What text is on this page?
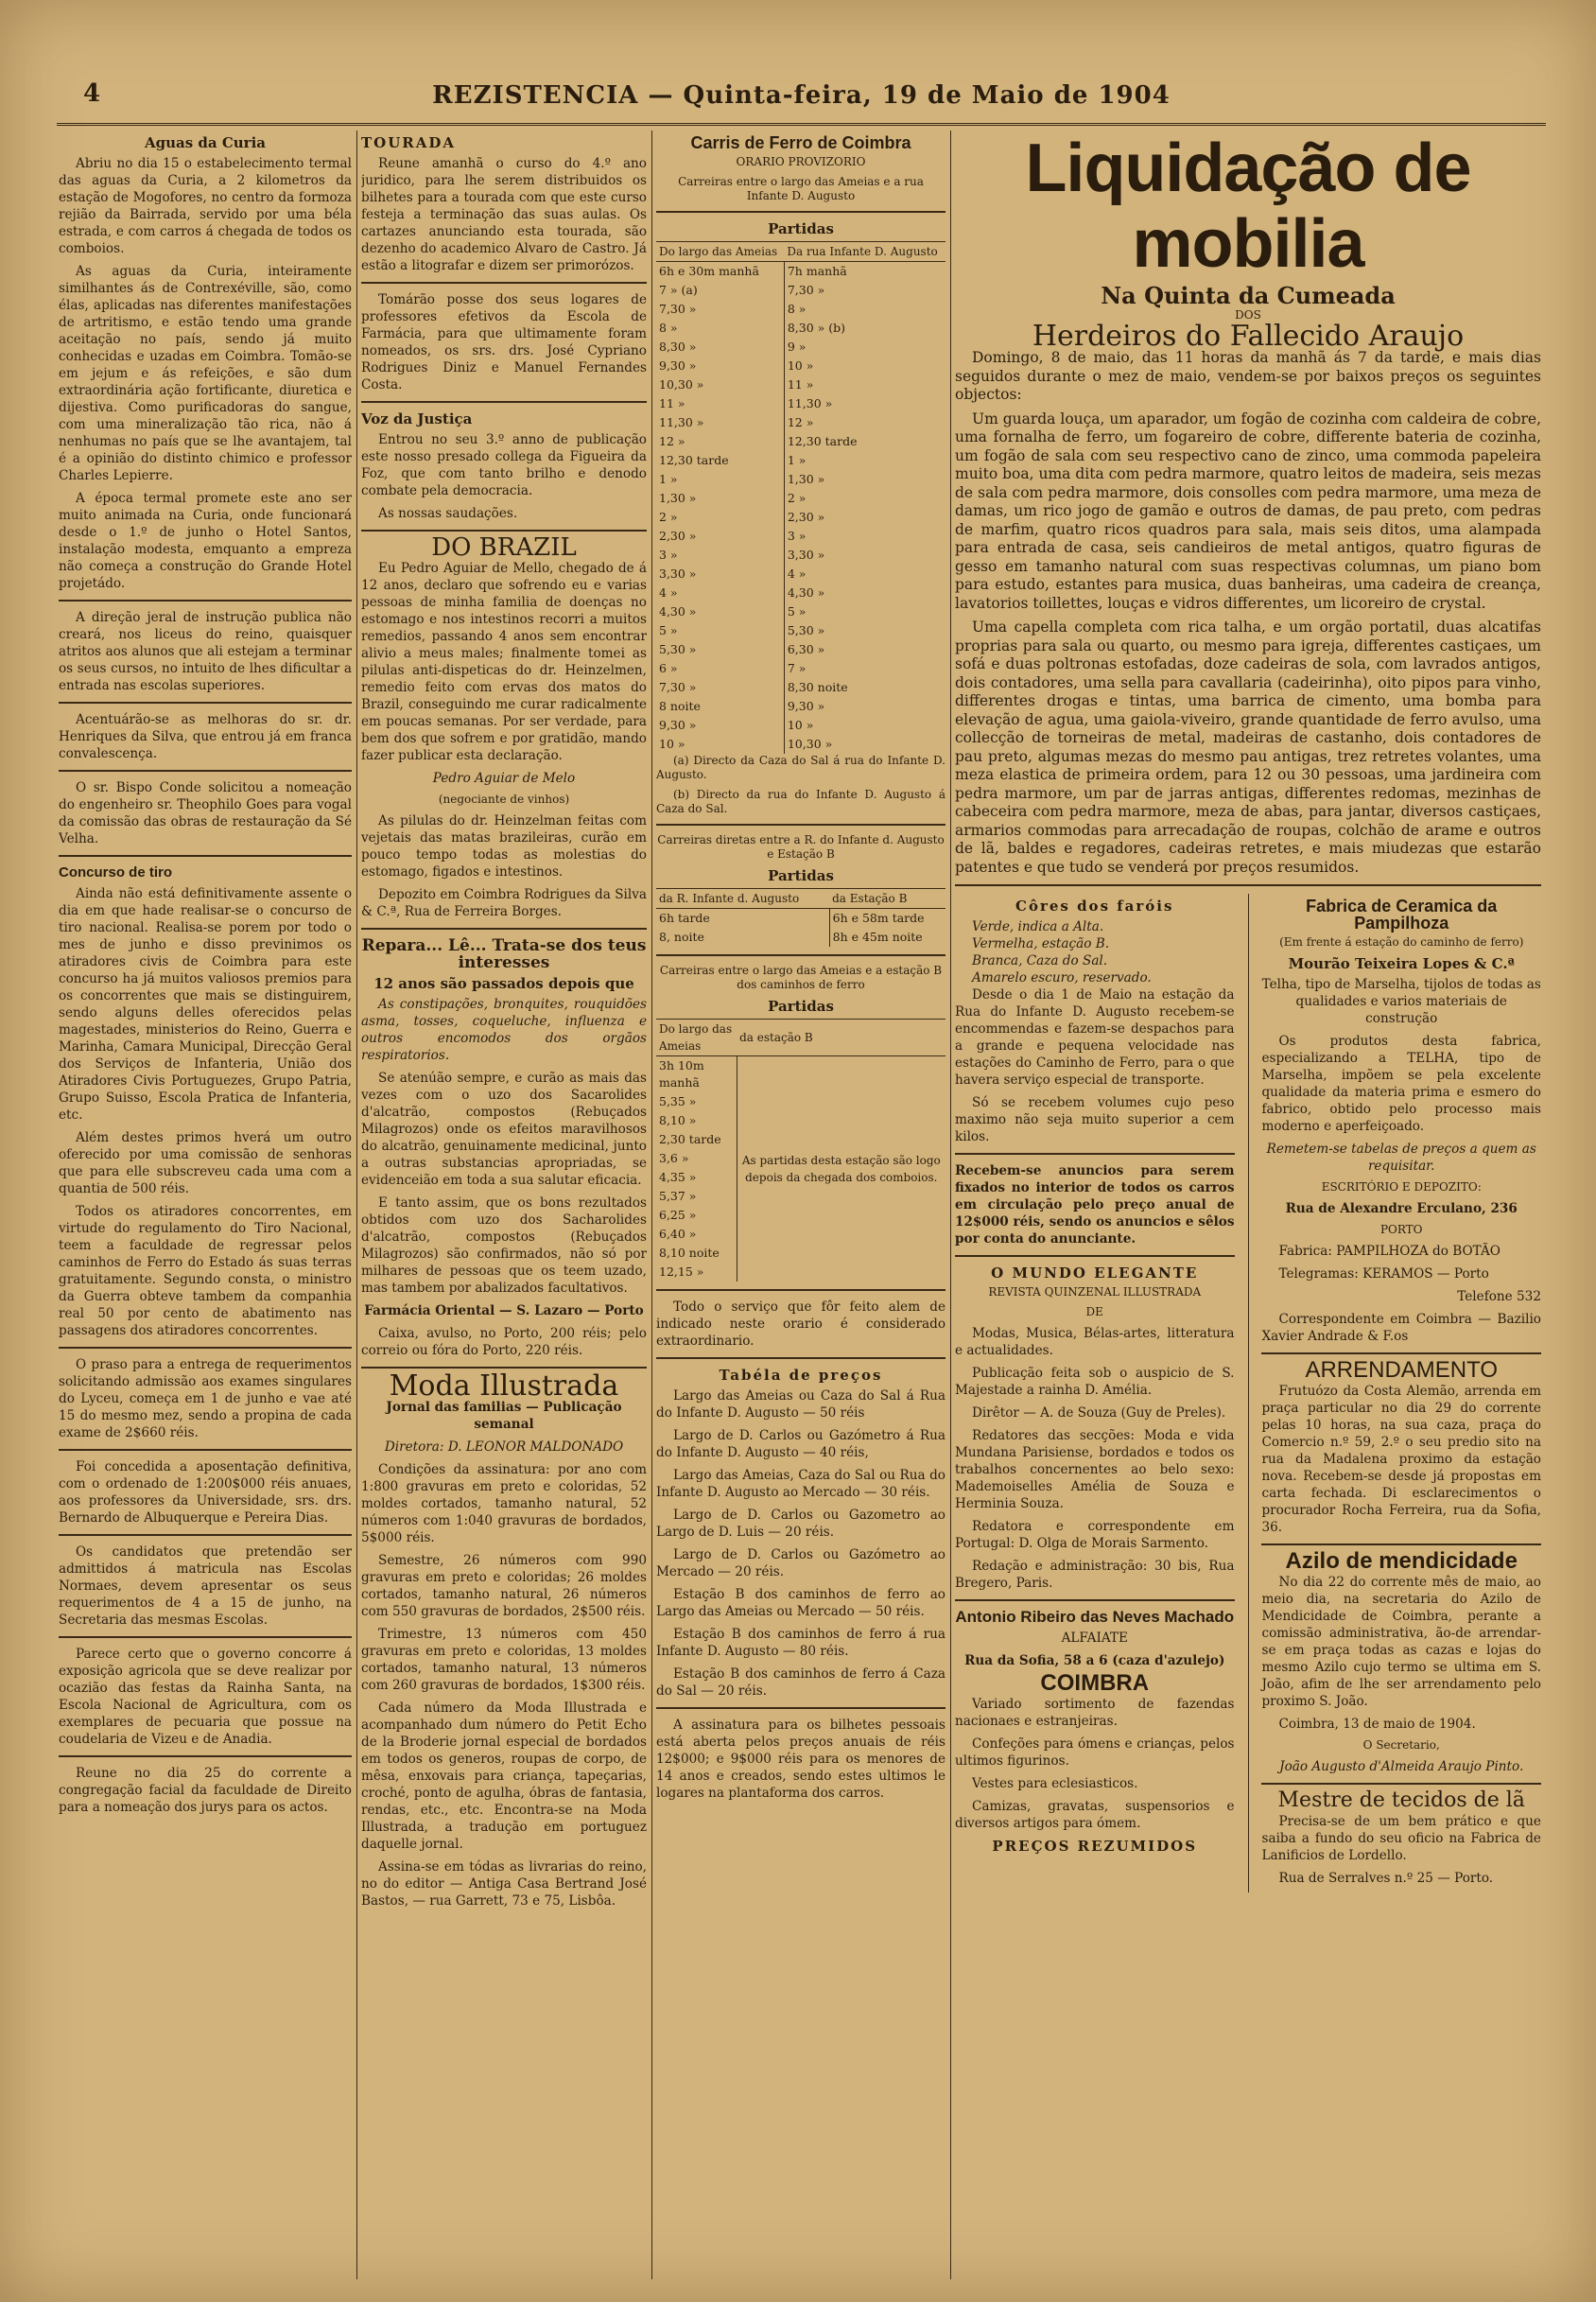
4	REZISTENCIA — Quinta-feira, 19 de Maio de 1904
Aguas da Curia

Abriu no dia 15 o estabelecimento termal das aguas da Curia, a 2 kilometros da estação de Mogofores, no centro da formoza rejião da Bairrada, servido por uma béla estrada, e com carros á chegada de todos os comboios.

As aguas da Curia, inteiramente similhantes ás de Contrexéville, são, como élas, aplicadas nas diferentes manifestações de artritismo, e estão tendo uma grande aceitação no país, sendo já muito conhecidas e uzadas em Coimbra. Tomão-se em jejum e ás refeições, e são dum extraordinária ação fortificante, diuretica e dijestiva. Como purificadoras do sangue, com uma mineralização tão rica, não á nenhumas no país que se lhe avantajem, tal é a opinião do distinto chimico e professor Charles Lepierre.

A época termal promete este ano ser muito animada na Curia, onde funcionará desde o 1.º de junho o Hotel Santos, instalação modesta, emquanto a empreza não começa a construção do Grande Hotel projetádo.

A direção jeral de instrução publica não creará, nos liceus do reino, quaisquer atritos aos alunos que ali estejam a terminar os seus cursos, no intuito de lhes dificultar a entrada nas escolas superiores.

Acentuárão-se as melhoras do sr. dr. Henriques da Silva, que entrou já em franca convalescença.

O sr. Bispo Conde solicitou a nomeação do engenheiro sr. Theophilo Goes para vogal da comissão das obras de restauração da Sé Velha.

Concurso de tiro

Ainda não está definitivamente assente o dia em que hade realisar-se o concurso de tiro nacional. Realisa-se porem por todo o mes de junho e disso previnimos os atiradores civis de Coimbra para este concurso ha já muitos valiosos premios para os concorrentes que mais se distinguirem, sendo alguns delles oferecidos pelas magestades, ministerios do Reino, Guerra e Marinha, Camara Municipal, Direcção Geral dos Serviços de Infanteria, União dos Atiradores Civis Portuguezes, Grupo Patria, Grupo Suisso, Escola Pratica de Infanteria, etc.

Além destes primos hverá um outro oferecido por uma comissão de senhoras que para elle subscreveu cada uma com a quantia de 500 réis.

Todos os atiradores concorrentes, em virtude do regulamento do Tiro Nacional, teem a faculdade de regressar pelos caminhos de Ferro do Estado ás suas terras gratuitamente. Segundo consta, o ministro da Guerra obteve tambem da companhia real 50 por cento de abatimento nas passagens dos atiradores concorrentes.

O praso para a entrega de requerimentos solicitando admissão aos exames singulares do Lyceu, começa em 1 de junho e vae até 15 do mesmo mez, sendo a propina de cada exame de 2$660 réis.

Foi concedida a aposentação definitiva, com o ordenado de 1:200$000 réis anuaes, aos professores da Universidade, srs. drs. Bernardo de Albuquerque e Pereira Dias.

Os candidatos que pretendão ser admittidos á matricula nas Escolas Normaes, devem apresentar os seus requerimentos de 4 a 15 de junho, na Secretaria das mesmas Escolas.

Parece certo que o governo concorre á exposição agricola que se deve realizar por ocazião das festas da Rainha Santa, na Escola Nacional de Agricultura, com os exemplares de pecuaria que possue na coudelaria de Vizeu e de Anadia.

Reune no dia 25 do corrente a congregação facial da faculdade de Direito para a nomeação dos jurys para os actos.

TOURADA

Reune amanhã o curso do 4.º ano juridico, para lhe serem distribuidos os bilhetes para a tourada com que este curso festeja a terminação das suas aulas. Os cartazes anunciando esta tourada, são dezenho do academico Alvaro de Castro. Já estão a litografar e dizem ser primorózos.

Tomárão posse dos seus logares de professores efetivos da Escola de Farmácia, para que ultimamente foram nomeados, os srs. drs. José Cypriano Rodrigues Diniz e Manuel Fernandes Costa.

Voz da Justiça

Entrou no seu 3.º anno de publicação este nosso presado collega da Figueira da Foz, que com tanto brilho e denodo combate pela democracia.

As nossas saudações.

DO BRAZIL

Eu Pedro Aguiar de Mello, chegado de á 12 anos, declaro que sofrendo eu e varias pessoas de minha familia de doenças no estomago e nos intestinos recorri a muitos remedios, passando 4 anos sem encontrar alivio a meus males; finalmente tomei as pilulas anti-dispeticas do dr. Heinzelmen, remedio feito com ervas dos matos do Brazil, conseguindo me curar radicalmente em poucas semanas. Por ser verdade, para bem dos que sofrem e por gratidão, mando fazer publicar esta declaração.

Pedro Aguiar de Melo

(negociante de vinhos)

As pilulas do dr. Heinzelman feitas com vejetais das matas brazileiras, curão em pouco tempo todas as molestias do estomago, figados e intestinos.

Depozito em Coimbra Rodrigues da Silva & C.ª, Rua de Ferreira Borges.

Repara... Lê... Trata-se dos teus interesses
12 anos são passados depois que

As constipações, bronquites, rouquidões asma, tosses, coqueluche, influenza e outros encomodos dos orgãos respiratorios.

Se atenúão sempre, e curão as mais das vezes com o uzo dos Sacarolides d'alcatrão, compostos (Rebuçados Milagrozos) onde os efeitos maravilhosos do alcatrão, genuinamente medicinal, junto a outras substancias apropriadas, se evidenceião em toda a sua salutar eficacia.

E tanto assim, que os bons rezultados obtidos com uzo dos Sacharolides d'alcatrão, compostos (Rebuçados Milagrozos) são confirmados, não só por milhares de pessoas que os teem uzado, mas tambem por abalizados facultativos.

Farmácia Oriental — S. Lazaro — Porto

Caixa, avulso, no Porto, 200 réis; pelo correio ou fóra do Porto, 220 réis.

Moda Illustrada

Jornal das familias — Publicação semanal

Diretora: D. LEONOR MALDONADO

Condições da assinatura: por ano com 1:800 gravuras em preto e coloridas, 52 moldes cortados, tamanho natural, 52 números com 1:040 gravuras de bordados, 5$000 réis.

Semestre, 26 números com 990 gravuras em preto e coloridas; 26 moldes cortados, tamanho natural, 26 números com 550 gravuras de bordados, 2$500 réis.

Trimestre, 13 números com 450 gravuras em preto e coloridas, 13 moldes cortados, tamanho natural, 13 números com 260 gravuras de bordados, 1$300 réis.

Cada número da Moda Illustrada e acompanhado dum número do Petit Echo de la Broderie jornal especial de bordados em todos os generos, roupas de corpo, de mêsa, enxovais para criança, tapeçarias, croché, ponto de agulha, óbras de fantasia, rendas, etc., etc. Encontra-se na Moda Illustrada, a tradução em portuguez daquelle jornal.

Assina-se em tódas as livrarias do reino, no do editor — Antiga Casa Bertrand José Bastos, — rua Garrett, 73 e 75, Lisbôa.

Carris de Ferro de Coimbra

ORARIO PROVIZORIO

Carreiras entre o largo das Ameias e a rua Infante D. Augusto

Partidas
Do largo das Ameias	Da rua Infante D. Augusto
6h e 30m manhã	7h manhã
7 » (a)	7,30 »
7,30 »	8 »
8 »	8,30 » (b)
8,30 »	9 »
9,30 »	10 »
10,30 »	11 »
11 »	11,30 »
11,30 »	12 »
12 »	12,30 tarde
12,30 tarde	1 »
1 »	1,30 »
1,30 »	2 »
2 »	2,30 »
2,30 »	3 »
3 »	3,30 »
3,30 »	4 »
4 »	4,30 »
4,30 »	5 »
5 »	5,30 »
5,30 »	6,30 »
6 »	7 »
7,30 »	8,30 noite
8 noite	9,30 »
9,30 »	10 »
10 »	10,30 »

(a) Directo da Caza do Sal á rua do Infante D. Augusto.

(b) Directo da rua do Infante D. Augusto á Caza do Sal.

Carreiras diretas entre a R. do Infante d. Augusto e Estação B

Partidas
da R. Infante d. Augusto	da Estação B
6h tarde	6h e 58m tarde
8, noite	8h e 45m noite

Carreiras entre o largo das Ameias e a estação B dos caminhos de ferro

Partidas
Do largo das Ameias	da estação B
3h 10m manhã	As partidas desta estação são logo depois da chegada dos comboios.
5,35 »	
8,10 »	
2,30 tarde	
3,6 »	
4,35 »	
5,37 »	
6,25 »	
6,40 »	
8,10 noite	
12,15 »	

Todo o serviço que fôr feito alem de indicado neste orario é considerado extraordinario.

Tabéla de preços

Largo das Ameias ou Caza do Sal á Rua do Infante D. Augusto — 50 réis

Largo de D. Carlos ou Gazómetro á Rua do Infante D. Augusto — 40 réis,

Largo das Ameias, Caza do Sal ou Rua do Infante D. Augusto ao Mercado — 30 réis.

Largo de D. Carlos ou Gazometro ao Largo de D. Luis — 20 réis.

Largo de D. Carlos ou Gazómetro ao Mercado — 20 réis.

Estação B dos caminhos de ferro ao Largo das Ameias ou Mercado — 50 réis.

Estação B dos caminhos de ferro á rua Infante D. Augusto — 80 réis.

Estação B dos caminhos de ferro á Caza do Sal — 20 réis.

A assinatura para os bilhetes pessoais está aberta pelos preços anuais de réis 12$000; e 9$000 réis para os menores de 14 anos e creados, sendo estes ultimos le logares na plantaforma dos carros.

Liquidação de mobilia
Na Quinta da Cumeada

DOS

Herdeiros do Fallecido Araujo

Domingo, 8 de maio, das 11 horas da manhã ás 7 da tarde, e mais dias seguidos durante o mez de maio, vendem-se por baixos preços os seguintes objectos:

Um guarda louça, um aparador, um fogão de cozinha com caldeira de cobre, uma fornalha de ferro, um fogareiro de cobre, differente bateria de cozinha, um fogão de sala com seu respectivo cano de zinco, uma commoda papeleira muito boa, uma dita com pedra marmore, quatro leitos de madeira, seis mezas de sala com pedra marmore, dois consolles com pedra marmore, uma meza de damas, um rico jogo de gamão e outros de damas, de pau preto, com pedras de marfim, quatro ricos quadros para sala, mais seis ditos, uma alampada para entrada de casa, seis candieiros de metal antigos, quatro figuras de gesso em tamanho natural com suas respectivas columnas, um piano bom para estudo, estantes para musica, duas banheiras, uma cadeira de creança, lavatorios toillettes, louças e vidros differentes, um licoreiro de crystal.

Uma capella completa com rica talha, e um orgão portatil, duas alcatifas proprias para sala ou quarto, ou mesmo para igreja, differentes castiçaes, um sofá e duas poltronas estofadas, doze cadeiras de sola, com lavrados antigos, dois contadores, uma sella para cavallaria (cadeirinha), oito pipos para vinho, differentes drogas e tintas, uma barrica de cimento, uma bomba para elevação de agua, uma gaiola-viveiro, grande quantidade de ferro avulso, uma collecção de torneiras de metal, madeiras de castanho, dois contadores de pau preto, algumas mezas do mesmo pau antigas, trez retretes volantes, uma meza elastica de primeira ordem, para 12 ou 30 pessoas, uma jardineira com pedra marmore, um par de jarras antigas, differentes redomas, mezinhas de cabeceira com pedra marmore, meza de abas, para jantar, diversos castiçaes, armarios commodas para arrecadação de roupas, colchão de arame e outros de lã, baldes e regadores, cadeiras retretes, e mais miudezas que estarão patentes e que tudo se venderá por preços resumidos.

Côres dos faróis

Verde, indica a Alta.

Vermelha, estação B.

Branca, Caza do Sal.

Amarelo escuro, reservado.

Desde o dia 1 de Maio na estação da Rua do Infante D. Augusto recebem-se encommendas e fazem-se despachos para a grande e pequena velocidade nas estações do Caminho de Ferro, para o que havera serviço especial de transporte.

Só se recebem volumes cujo peso maximo não seja muito superior a cem kilos.

Recebem-se anuncios para serem fixados no interior de todos os carros em circulação pelo preço anual de 12$000 réis, sendo os anuncios e sêlos por conta do anunciante.

O MUNDO ELEGANTE

REVISTA QUINZENAL ILLUSTRADA

DE

Modas, Musica, Bélas-artes, litteratura e actualidades.

Publicação feita sob o auspicio de S. Majestade a rainha D. Amélia.

Dirêtor — A. de Souza (Guy de Preles).

Redatores das secções: Moda e vida Mundana Parisiense, bordados e todos os trabalhos concernentes ao belo sexo: Mademoiselles Amélia de Souza e Herminia Souza.

Redatora e correspondente em Portugal: D. Olga de Morais Sarmento.

Redação e administração: 30 bis, Rua Bregero, Paris.

Antonio Ribeiro das Neves Machado

ALFAIATE

Rua da Sofia, 58 a 6 (caza d'azulejo)

COIMBRA

Variado sortimento de fazendas nacionaes e estranjeiras.

Confeções para ómens e crianças, pelos ultimos figurinos.

Vestes para eclesiasticos.

Camizas, gravatas, suspensorios e diversos artigos para ómem.

PREÇOS REZUMIDOS
Fabrica de Ceramica da Pampilhoza

(Em frente á estação do caminho de ferro)

Mourão Teixeira Lopes & C.ª

Telha, tipo de Marselha, tijolos de todas as qualidades e varios materiais de construção

Os produtos desta fabrica, especializando a TELHA, tipo de Marselha, impõem se pela excelente qualidade da materia prima e esmero do fabrico, obtido pelo processo mais moderno e aperfeiçoado.

Remetem-se tabelas de preços a quem as requisitar.

ESCRITÓRIO E DEPOZITO:

Rua de Alexandre Erculano, 236

PORTO

Fabrica: PAMPILHOZA do BOTÃO

Telegramas: KERAMOS — Porto

Telefone 532

Correspondente em Coimbra — Bazilio Xavier Andrade & F.os

ARRENDAMENTO

Frutuózo da Costa Alemão, arrenda em praça particular no dia 29 do corrente pelas 10 horas, na sua caza, praça do Comercio n.º 59, 2.º o seu predio sito na rua da Madalena proximo da estação nova. Recebem-se desde já propostas em carta fechada. Di esclarecimentos o procurador Rocha Ferreira, rua da Sofia, 36.

Azilo de mendicidade

No dia 22 do corrente mês de maio, ao meio dia, na secretaria do Azilo de Mendicidade de Coimbra, perante a comissão administrativa, ão-de arrendar-se em praça todas as cazas e lojas do mesmo Azilo cujo termo se ultima em S. João, afim de lhe ser arrendamento pelo proximo S. João.

Coimbra, 13 de maio de 1904.

O Secretario,

João Augusto d'Almeida Araujo Pinto.

Mestre de tecidos de lã

Precisa-se de um bem prático e que saiba a fundo do seu oficio na Fabrica de Lanificios de Lordello.

Rua de Serralves n.º 25 — Porto.
